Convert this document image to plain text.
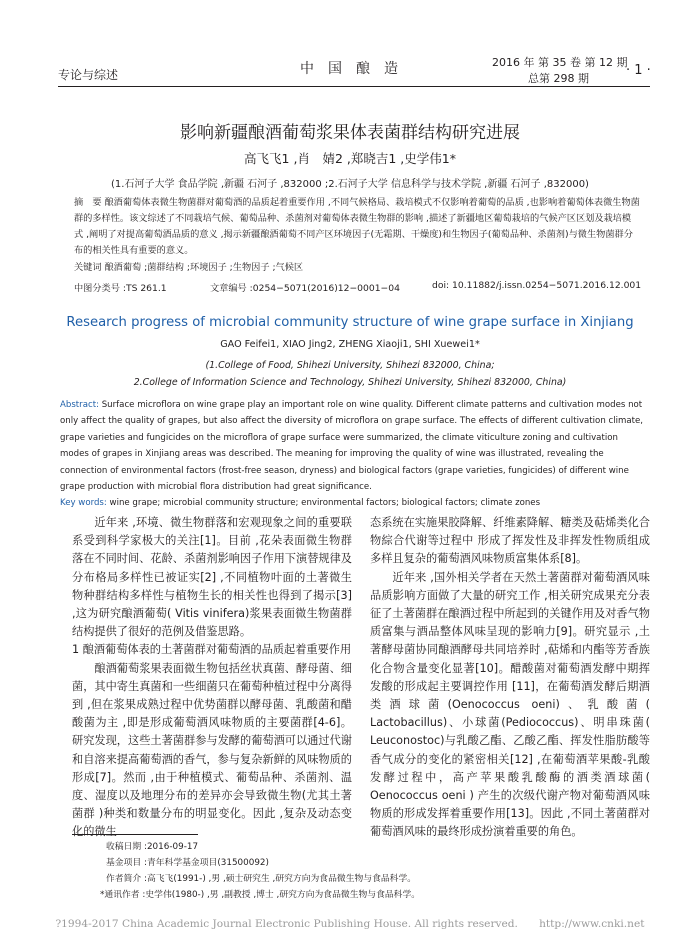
专论与综述	中国酿造	2016 年 第 35 卷 第 12 期
总第 298 期
· 1 ·
影响新疆酿酒葡萄浆果体表菌群结构研究进展
高飞飞1 ,肖　婧2 ,郑晓吉1 ,史学伟1*
(1.石河子大学 食品学院 ,新疆 石河子 ,832000 ;2.石河子大学 信息科学与技术学院 ,新疆 石河子 ,832000)
摘　要 酿酒葡萄体表微生物菌群对葡萄酒的品质起着重要作用 ,不同气候格局、栽培模式不仅影响着葡萄的品质 ,也影响着葡萄体表微生物菌群的多样性。该文综述了不同栽培气候、葡萄品种、杀菌剂对葡萄体表微生物群的影响 ,描述了新疆地区葡萄栽培的气候产区区划及栽培模式 ,阐明了对提高葡萄酒品质的意义 ,揭示新疆酿酒葡萄不同产区环境因子(无霜期、干燥度)和生物因子(葡萄品种、杀菌剂)与微生物菌群分布的相关性具有重要的意义。
关键词 酿酒葡萄 ;菌群结构 ;环境因子 ;生物因子 ;气候区
中图分类号 :TS 261.1	文章编号 :0254−5071(2016)12−0001−04	doi: 10.11882/j.issn.0254−5071.2016.12.001
Research progress of microbial community structure of wine grape surface in Xinjiang
GAO Feifei1, XIAO Jing2, ZHENG Xiaoji1, SHI Xuewei1*
(1.College of Food, Shihezi University, Shihezi 832000, China;
2.College of Information Science and Technology, Shihezi University, Shihezi 832000, China)
Abstract: Surface microflora on wine grape play an important role on wine quality. Different climate patterns and cultivation modes not only affect the quality of grapes, but also affect the diversity of microflora on grape surface. The effects of different cultivation climate, grape varieties and fungicides on the microflora of grape surface were summarized, the climate viticulture zoning and cultivation modes of grapes in Xinjiang areas was described. The meaning for improving the quality of wine was illustrated, revealing the connection of environmental factors (frost-free season, dryness) and biological factors (grape varieties, fungicides) of different wine grape production with microbial flora distribution had great significance.
Key words: wine grape; microbial community structure; environmental factors; biological factors; climate zones

近年来 ,环境、微生物群落和宏观现象之间的重要联系受到科学家极大的关注[1]。目前 ,花朵表面微生物群落在不同时间、花龄、杀菌剂影响因子作用下演替规律及分布格局多样性已被证实[2] ,不同植物叶面的土著微生物种群结构多样性与植物生长的相关性也得到了揭示[3] ,这为研究酿酒葡萄( Vitis vinifera)浆果表面微生物菌群结构提供了很好的范例及借鉴思路。

1 酿酒葡萄体表的土著菌群对葡萄酒的品质起着重要作用

酿酒葡萄浆果表面微生物包括丝状真菌、酵母菌、细菌，其中寄生真菌和一些细菌只在葡萄种植过程中分离得到 ,但在浆果成熟过程中优势菌群以酵母菌、乳酸菌和醋酸菌为主 ,即是形成葡萄酒风味物质的主要菌群[4-6]。研究发现，这些土著菌群参与发酵的葡萄酒可以通过代谢和自溶来提高葡萄酒的香气，参与复杂新鲜的风味物质的形成[7]。然而 ,由于种植模式、葡萄品种、杀菌剂、温度、湿度以及地理分布的差异亦会导致微生物(尤其土著菌群 )种类和数量分布的明显变化。因此 ,复杂及动态变化的微生

态系统在实施果胶降解、纤维素降解、糖类及萜烯类化合物綜合代谢等过程中 形成了挥发性及非挥发性物质组成多样且复杂的葡萄酒风味物质富集体系[8]。

近年来 ,国外相关学者在天然土著菌群对葡萄酒风味品质影响方面做了大量的研究工作 ,相关研究成果充分表征了土著菌群在酿酒过程中所起到的关键作用及对香气物质富集与酒品整体风味呈现的影响力[9]。研究显示 ,土著酵母菌协同酿酒酵母共同培养时 ,萜烯和内酯等芳香族化合物含量变化显著[10]。醋酸菌对葡萄酒发酵中期挥发酸的形成起主要调控作用 [11]，在葡萄酒发酵后期酒类酒球菌(Oenococcus oeni)、乳酸菌( Lactobacillus)、小球菌(Pediococcus)、明串珠菌( Leuconostoc)与乳酸乙酯、乙酸乙酯、挥发性脂肪酸等香气成分的变化的紧密相关[12] ,在葡萄酒苹果酸-乳酸发酵过程中，高产苹果酸乳酸酶的酒类酒球菌( Oenococcus oeni ) 产生的次级代谢产物对葡萄酒风味物质的形成发挥着重要作用[13]。因此 ,不同土著菌群对葡萄酒风味的最终形成扮演着重要的角色。

收稿日期 :2016-09-17
基金项目 :青年科学基金项目(31500092)
作者简介 :高飞飞(1991-) ,男 ,硕士研究生 ,研究方向为食品微生物与食品科学。
*通讯作者 :史学伟(1980-) ,男 ,副教授 ,博士 ,研究方向为食品微生物与食品科学。
?1994-2017 China Academic Journal Electronic Publishing House. All rights reserved.　　http://www.cnki.net
